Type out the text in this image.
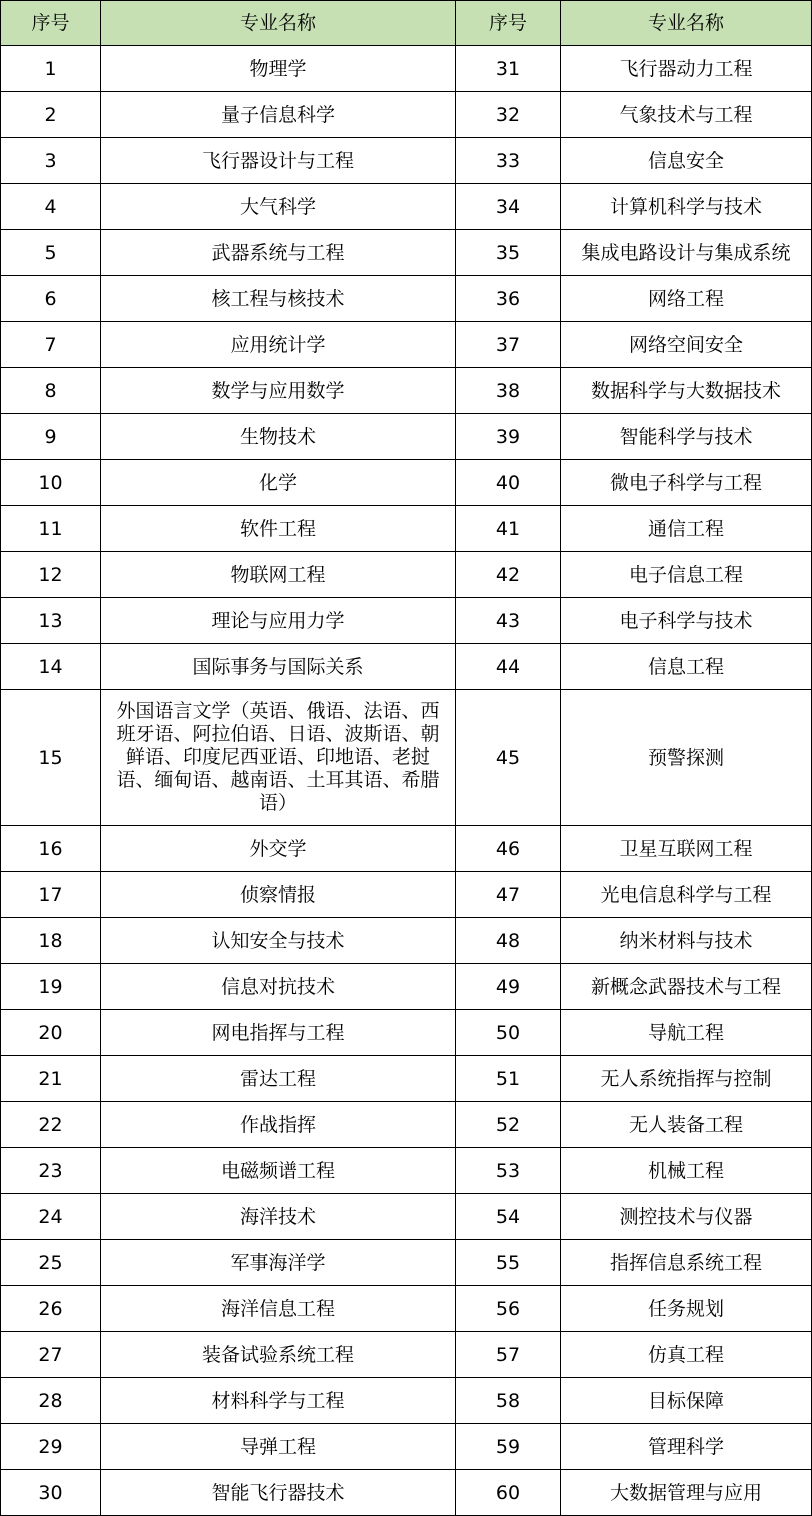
序号	专业名称	序号	专业名称
1	物理学	31	飞行器动力工程
2	量子信息科学	32	气象技术与工程
3	飞行器设计与工程	33	信息安全
4	大气科学	34	计算机科学与技术
5	武器系统与工程	35	集成电路设计与集成系统
6	核工程与核技术	36	网络工程
7	应用统计学	37	网络空间安全
8	数学与应用数学	38	数据科学与大数据技术
9	生物技术	39	智能科学与技术
10	化学	40	微电子科学与工程
11	软件工程	41	通信工程
12	物联网工程	42	电子信息工程
13	理论与应用力学	43	电子科学与技术
14	国际事务与国际关系	44	信息工程
15	外国语言文学（英语、俄语、法语、西班牙语、阿拉伯语、日语、波斯语、朝鲜语、印度尼西亚语、印地语、老挝语、缅甸语、越南语、土耳其语、希腊语）	45	预警探测
16	外交学	46	卫星互联网工程
17	侦察情报	47	光电信息科学与工程
18	认知安全与技术	48	纳米材料与技术
19	信息对抗技术	49	新概念武器技术与工程
20	网电指挥与工程	50	导航工程
21	雷达工程	51	无人系统指挥与控制
22	作战指挥	52	无人装备工程
23	电磁频谱工程	53	机械工程
24	海洋技术	54	测控技术与仪器
25	军事海洋学	55	指挥信息系统工程
26	海洋信息工程	56	任务规划
27	装备试验系统工程	57	仿真工程
28	材料科学与工程	58	目标保障
29	导弹工程	59	管理科学
30	智能飞行器技术	60	大数据管理与应用
